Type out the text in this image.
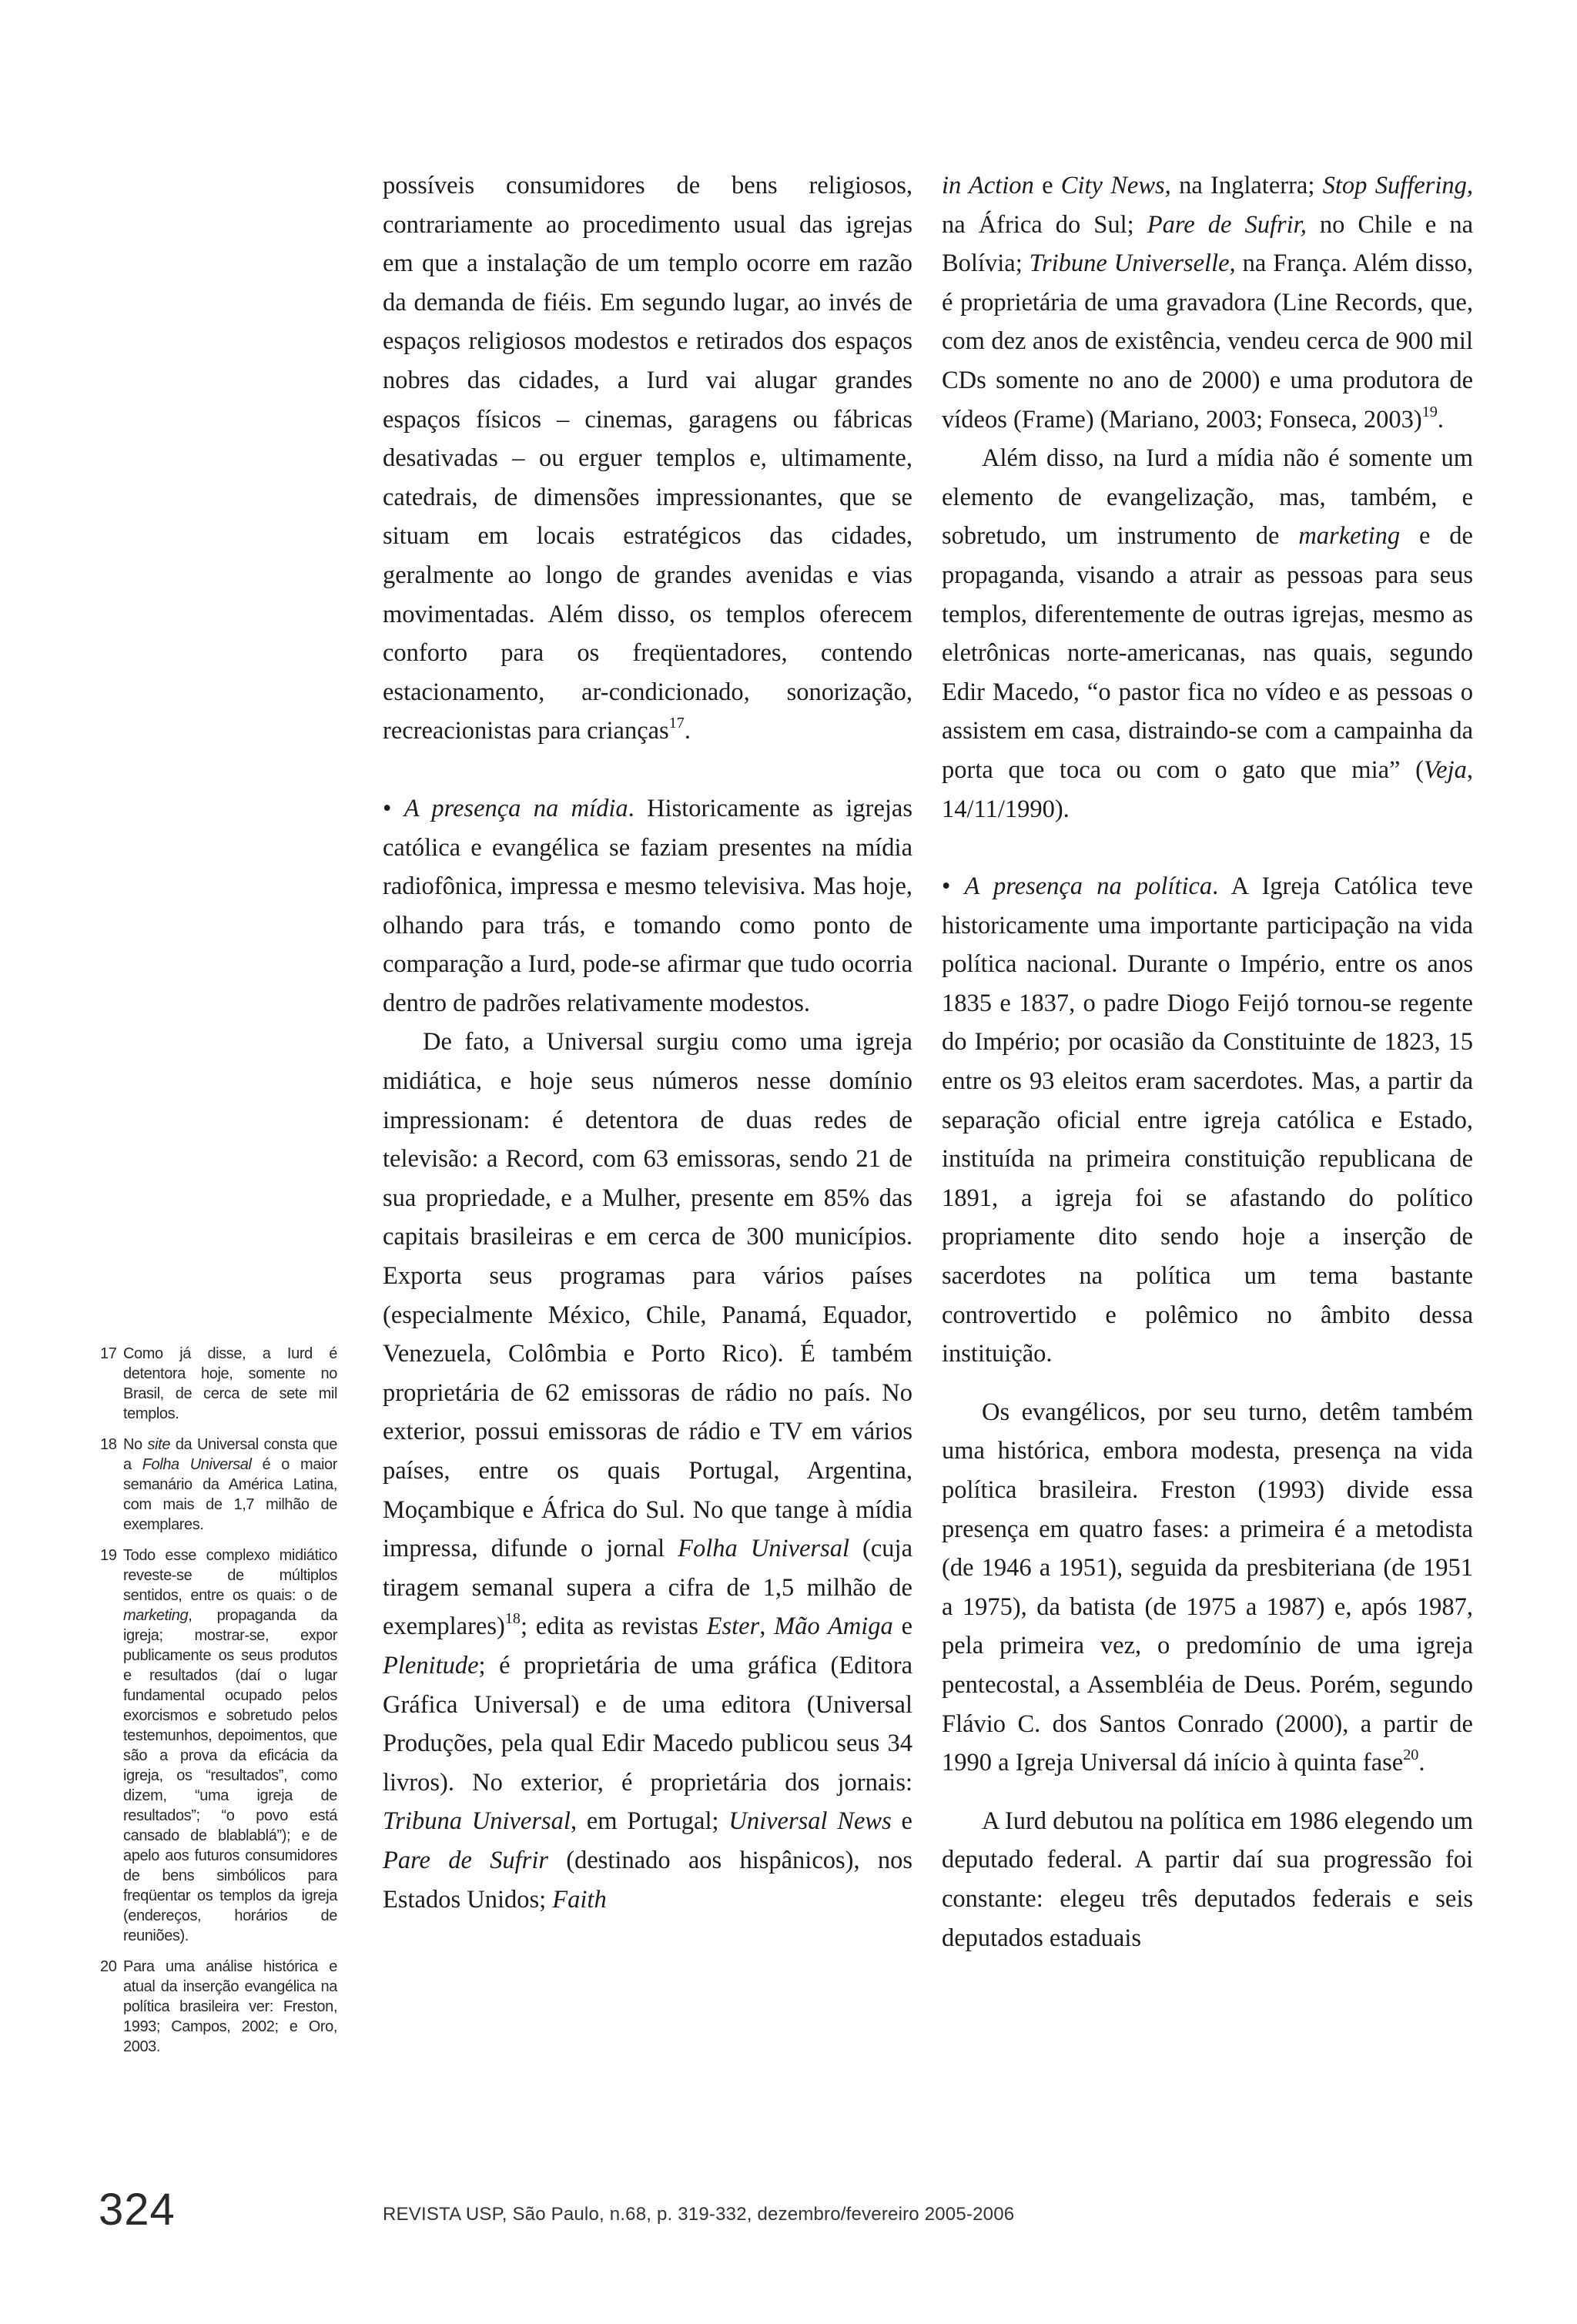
17 Como já disse, a Iurd é detentora hoje, somente no Brasil, de cerca de sete mil templos.
18 No site da Universal consta que a Folha Universal é o maior semanário da América Latina, com mais de 1,7 milhão de exemplares.
19 Todo esse complexo midiático reveste-se de múltiplos sentidos, entre os quais: o de marketing, propaganda da igreja; mostrar-se, expor publicamente os seus produtos e resultados (daí o lugar fundamental ocupado pelos exorcismos e sobretudo pelos testemunhos, depoimentos, que são a prova da eficácia da igreja, os “resultados”, como dizem, “uma igreja de resultados”; “o povo está cansado de blablablá”); e de apelo aos futuros consumidores de bens simbólicos para freqüentar os templos da igreja (endereços, horários de reuniões).
20 Para uma análise histórica e atual da inserção evangélica na política brasileira ver: Freston, 1993; Campos, 2002; e Oro, 2003.

possíveis consumidores de bens religiosos, contrariamente ao procedimento usual das igrejas em que a instalação de um templo ocorre em razão da demanda de fiéis. Em segundo lugar, ao invés de espaços religiosos modestos e retirados dos espaços nobres das cidades, a Iurd vai alugar grandes espaços físicos – cinemas, garagens ou fábricas desativadas – ou erguer templos e, ultimamente, catedrais, de dimensões impressionantes, que se situam em locais estratégicos das cidades, geralmente ao longo de grandes avenidas e vias movimentadas. Além disso, os templos oferecem conforto para os freqüentadores, contendo estacionamento, ar-condicionado, sonorização, recreacionistas para crianças$^{17}$.

• A presença na mídia. Historicamente as igrejas católica e evangélica se faziam presentes na mídia radiofônica, impressa e mesmo televisiva. Mas hoje, olhando para trás, e tomando como ponto de comparação a Iurd, pode-se afirmar que tudo ocorria dentro de padrões relativamente modestos.

De fato, a Universal surgiu como uma igreja midiática, e hoje seus números nesse domínio impressionam: é detentora de duas redes de televisão: a Record, com 63 emissoras, sendo 21 de sua propriedade, e a Mulher, presente em 85% das capitais brasileiras e em cerca de 300 municípios. Exporta seus programas para vários países (especialmente México, Chile, Panamá, Equador, Venezuela, Colômbia e Porto Rico). É também proprietária de 62 emissoras de rádio no país. No exterior, possui emissoras de rádio e TV em vários países, entre os quais Portugal, Argentina, Moçambique e África do Sul. No que tange à mídia impressa, difunde o jornal Folha Universal (cuja tiragem semanal supera a cifra de 1,5 milhão de exemplares)$^{18}$; edita as revistas Ester, Mão Amiga e Plenitude; é proprietária de uma gráfica (Editora Gráfica Universal) e de uma editora (Universal Produções, pela qual Edir Macedo publicou seus 34 livros). No exterior, é proprietária dos jornais: Tribuna Universal, em Portugal; Universal News e Pare de Sufrir (destinado aos hispânicos), nos Estados Unidos; Faith

in Action e City News, na Inglaterra; Stop Suffering, na África do Sul; Pare de Sufrir, no Chile e na Bolívia; Tribune Universelle, na França. Além disso, é proprietária de uma gravadora (Line Records, que, com dez anos de existência, vendeu cerca de 900 mil CDs somente no ano de 2000) e uma produtora de vídeos (Frame) (Mariano, 2003; Fonseca, 2003)$^{19}$.

Além disso, na Iurd a mídia não é somente um elemento de evangelização, mas, também, e sobretudo, um instrumento de marketing e de propaganda, visando a atrair as pessoas para seus templos, diferentemente de outras igrejas, mesmo as eletrônicas norte-americanas, nas quais, segundo Edir Macedo, “o pastor fica no vídeo e as pessoas o assistem em casa, distraindo-se com a campainha da porta que toca ou com o gato que mia” (Veja, 14/11/1990).

• A presença na política. A Igreja Católica teve historicamente uma importante participação na vida política nacional. Durante o Império, entre os anos 1835 e 1837, o padre Diogo Feijó tornou-se regente do Império; por ocasião da Constituinte de 1823, 15 entre os 93 eleitos eram sacerdotes. Mas, a partir da separação oficial entre igreja católica e Estado, instituída na primeira constituição republicana de 1891, a igreja foi se afastando do político propriamente dito sendo hoje a inserção de sacerdotes na política um tema bastante controvertido e polêmico no âmbito dessa instituição.

Os evangélicos, por seu turno, detêm também uma histórica, embora modesta, presença na vida política brasileira. Freston (1993) divide essa presença em quatro fases: a primeira é a metodista (de 1946 a 1951), seguida da presbiteriana (de 1951 a 1975), da batista (de 1975 a 1987) e, após 1987, pela primeira vez, o predomínio de uma igreja pentecostal, a Assembléia de Deus. Porém, segundo Flávio C. dos Santos Conrado (2000), a partir de 1990 a Igreja Universal dá início à quinta fase$^{20}$.

A Iurd debutou na política em 1986 elegendo um deputado federal. A partir daí sua progressão foi constante: elegeu três deputados federais e seis deputados estaduais

324	REVISTA USP, São Paulo, n.68, p. 319-332, dezembro/fevereiro 2005-2006
